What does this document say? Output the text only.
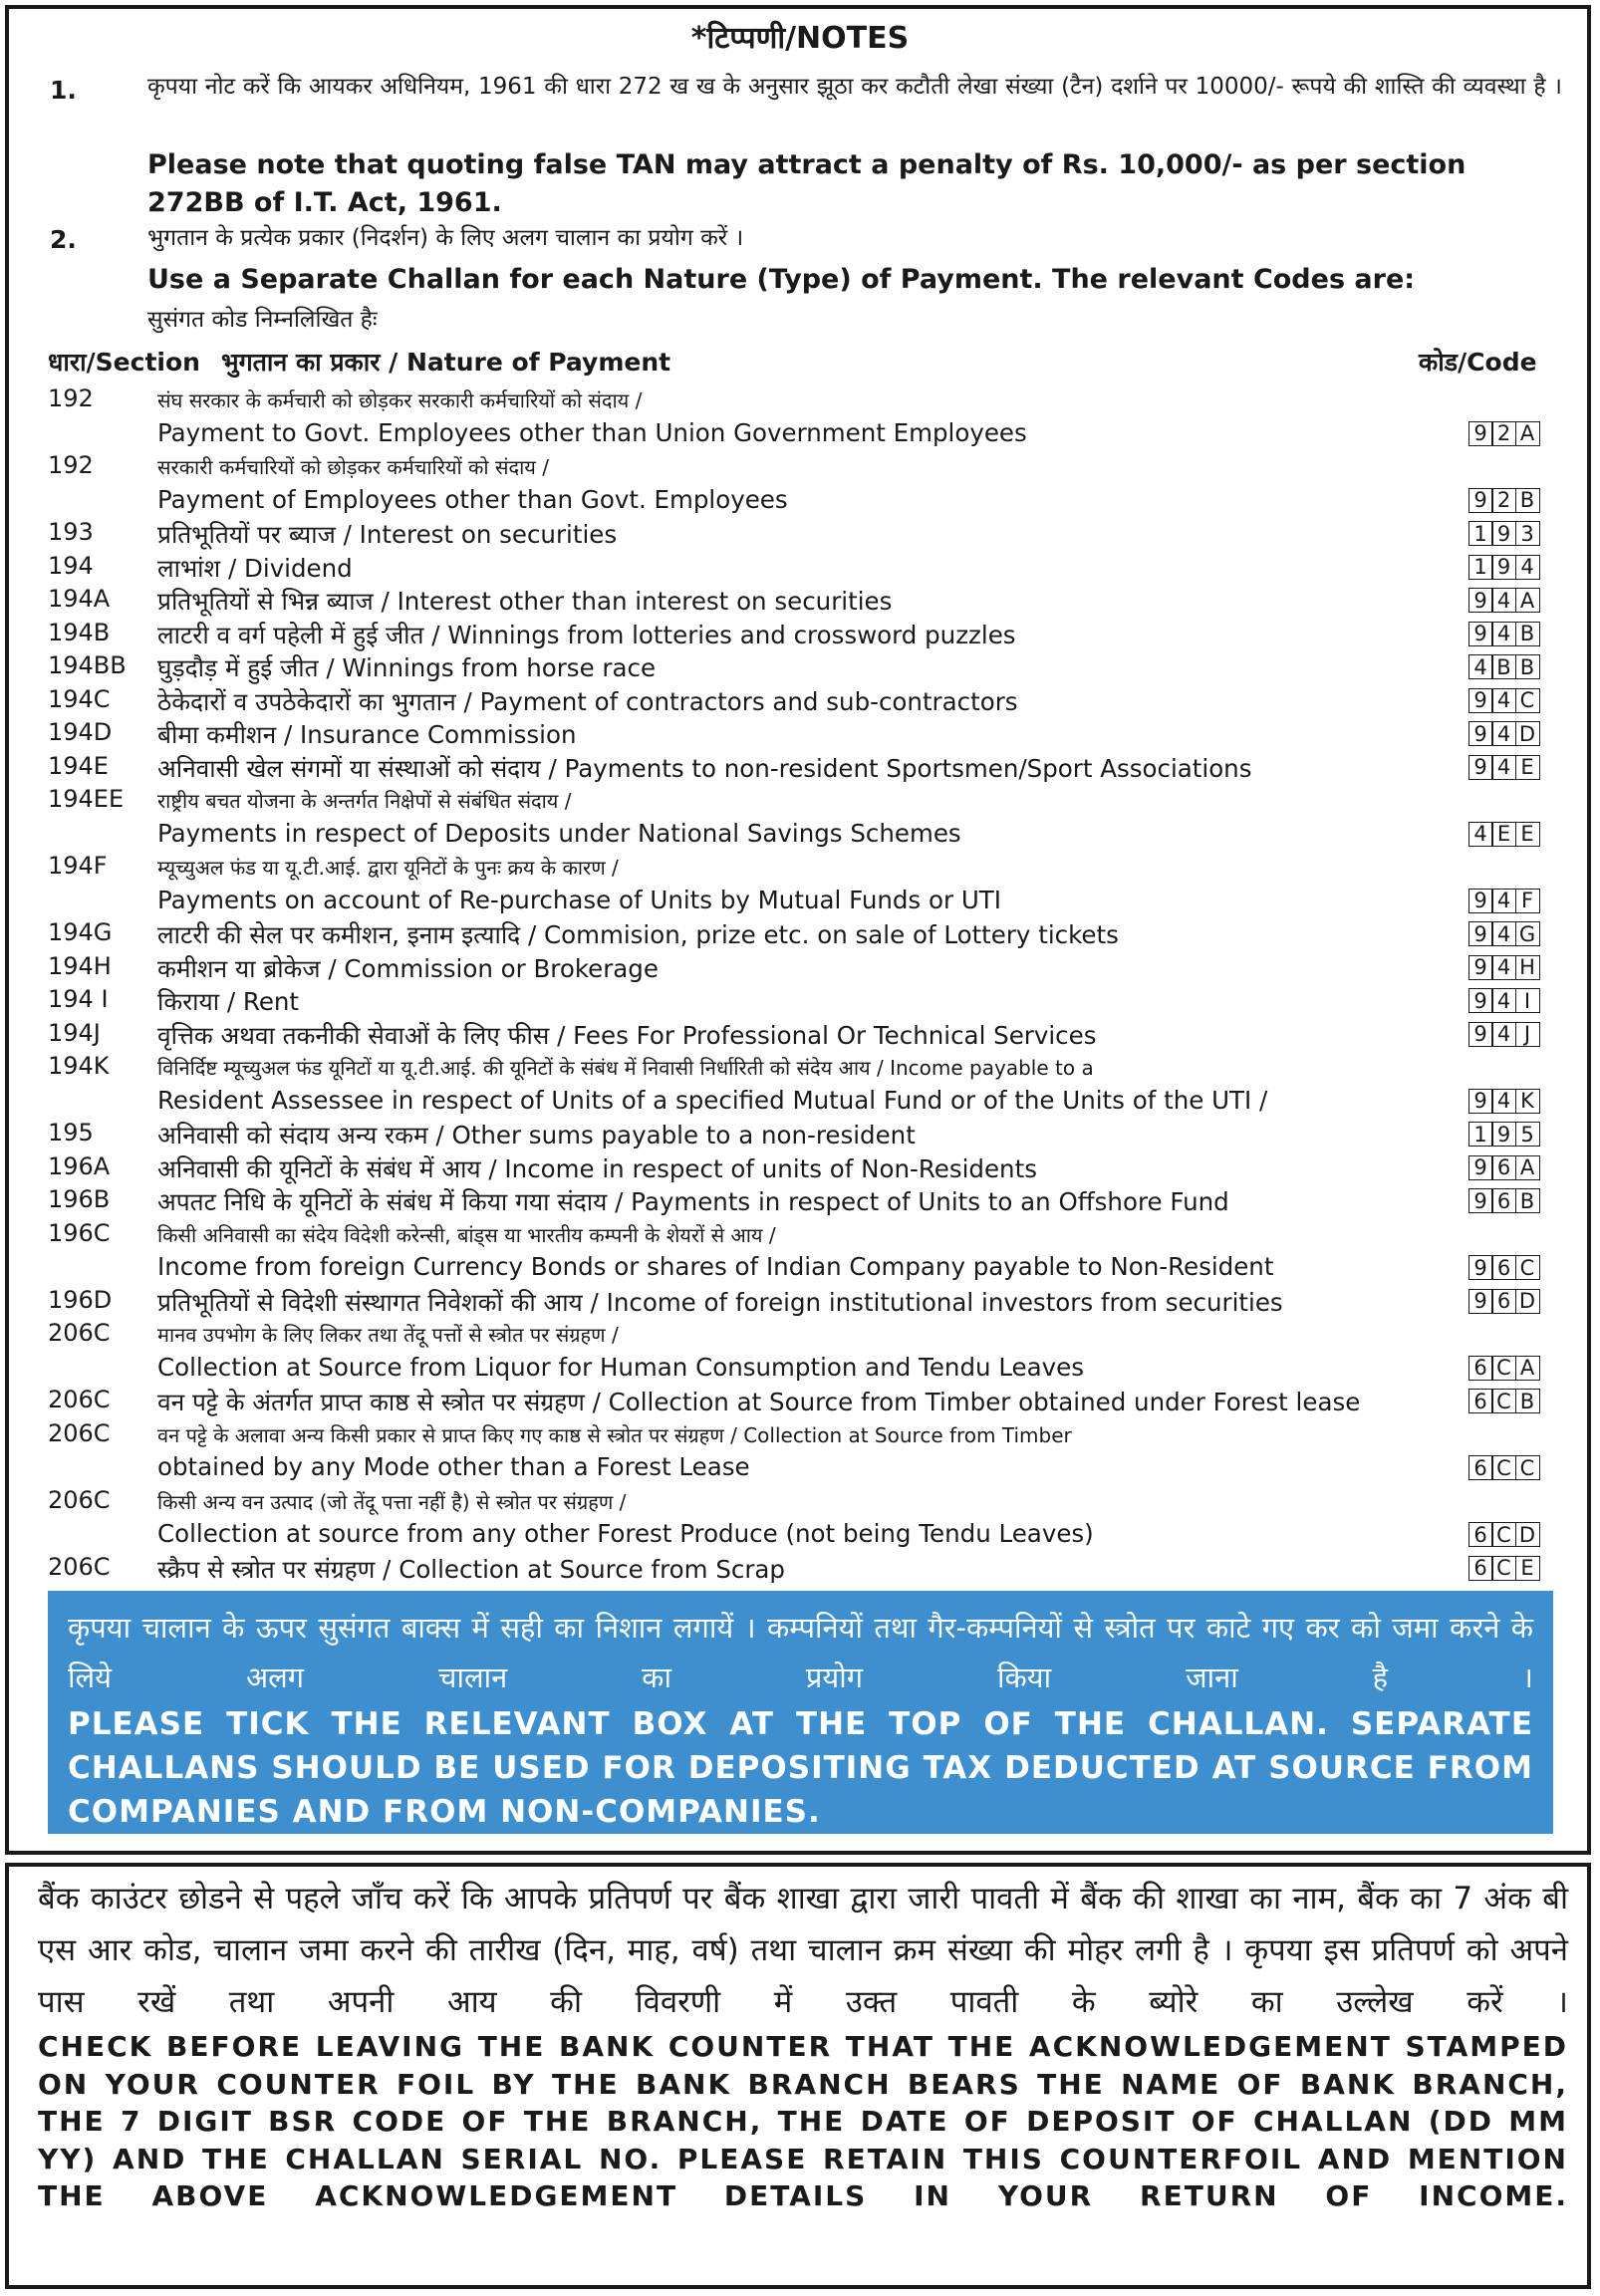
*टिप्पणी/NOTES
1.	कृपया नोट करें कि आयकर अधिनियम, 1961 की धारा 272 ख ख के अनुसार झूठा कर कटौती लेखा संख्या (टैन) दर्शाने पर 10000/- रूपये की शास्ति की व्यवस्था है ।
Please note that quoting false TAN may attract a penalty of Rs. 10,000/- as per section 272BB of I.T. Act, 1961.
2.	भुगतान के प्रत्येक प्रकार (निदर्शन) के लिए अलग चालान का प्रयोग करें ।
Use a Separate Challan for each Nature (Type) of Payment. The relevant Codes are:
सुसंगत कोड निम्नलिखित हैः
धारा/Section भुगतान का प्रकार / Nature of Payment	कोड/Code
192	संघ सरकार के कर्मचारी को छोड़कर सरकारी कर्मचारियों को संदाय /
Payment to Govt. Employees other than Union Government Employees	9 2 A
192	सरकारी कर्मचारियों को छोड़कर कर्मचारियों को संदाय /
Payment of Employees other than Govt. Employees	9 2 B
193	प्रतिभूतियों पर ब्याज / Interest on securities	1 9 3
194	लाभांश / Dividend	1 9 4
194A प्रतिभूतियों से भिन्न ब्याज / Interest other than interest on securities	9 4 A
194B लाटरी व वर्ग पहेली में हुई जीत / Winnings from lotteries and crossword puzzles	9 4 B
194BB घुड़दौड़ में हुई जीत / Winnings from horse race	4 B B
194C ठेकेदारों व उपठेकेदारों का भुगतान / Payment of contractors and sub-contractors	9 4 C
194D बीमा कमीशन / Insurance Commission	9 4 D
194E अनिवासी खेल संगमों या संस्थाओं को संदाय / Payments to non-resident Sportsmen/Sport Associations	9 4 E
194EE राष्ट्रीय बचत योजना के अन्तर्गत निक्षेपों से संबंधित संदाय /
Payments in respect of Deposits under National Savings Schemes	4 E E
194F	म्यूच्युअल फंड या यू.टी.आई. द्वारा यूनिटों के पुनः क्रय के कारण /
Payments on account of Re-purchase of Units by Mutual Funds or UTI	9 4 F
194G लाटरी की सेल पर कमीशन, इनाम इत्यादि / Commision, prize etc. on sale of Lottery tickets	9 4 G
194H कमीशन या ब्रोकेज / Commission or Brokerage	9 4 H
194 I किराया / Rent	9 4 I
194J वृत्तिक अथवा तकनीकी सेवाओं के लिए फीस / Fees For Professional Or Technical Services	9 4 J
194K विनिर्दिष्ट म्यूच्युअल फंड यूनिटों या यू.टी.आई. की यूनिटों के संबंध में निवासी निर्धारिती को संदेय आय / Income payable to a
Resident Assessee in respect of Units of a specified Mutual Fund or of the Units of the UTI /	9 4 K
195	अनिवासी को संदाय अन्य रकम / Other sums payable to a non-resident	1 9 5
196A अनिवासी की यूनिटों के संबंध में आय / Income in respect of units of Non-Residents	9 6 A
196B अपतट निधि के यूनिटों के संबंध में किया गया संदाय / Payments in respect of Units to an Offshore Fund	9 6 B
196C किसी अनिवासी का संदेय विदेशी करेन्सी, बांड्स या भारतीय कम्पनी के शेयरों से आय /
Income from foreign Currency Bonds or shares of Indian Company payable to Non-Resident	9 6 C
196D प्रतिभूतियों से विदेशी संस्थागत निवेशकों की आय / Income of foreign institutional investors from securities	9 6 D
206C मानव उपभोग के लिए लिकर तथा तेंदू पत्तों से स्त्रोत पर संग्रहण /
Collection at Source from Liquor for Human Consumption and Tendu Leaves	6 C A
206C वन पट्टे के अंतर्गत प्राप्त काष्ठ से स्त्रोत पर संग्रहण / Collection at Source from Timber obtained under Forest lease	6 C B
206C वन पट्टे के अलावा अन्य किसी प्रकार से प्राप्त किए गए काष्ठ से स्त्रोत पर संग्रहण / Collection at Source from Timber
obtained by any Mode other than a Forest Lease	6 C C
206C किसी अन्य वन उत्पाद (जो तेंदू पत्ता नहीं है) से स्त्रोत पर संग्रहण /
Collection at source from any other Forest Produce (not being Tendu Leaves)	6 C D
206C स्क्रैप से स्त्रोत पर संग्रहण / Collection at Source from Scrap	6 C E
कृपया चालान के ऊपर सुसंगत बाक्स में सही का निशान लगायें । कम्पनियों तथा गैर-कम्पनियों से स्त्रोत पर काटे गए कर को जमा करने के लिये अलग चालान का प्रयोग किया जाना है ।
PLEASE TICK THE RELEVANT BOX AT THE TOP OF THE CHALLAN. SEPARATE CHALLANS SHOULD BE USED FOR DEPOSITING TAX DEDUCTED AT SOURCE FROM COMPANIES AND FROM NON-COMPANIES.
बैंक काउंटर छोडने से पहले जाँच करें कि आपके प्रतिपर्ण पर बैंक शाखा द्वारा जारी पावती में बैंक की शाखा का नाम, बैंक का 7 अंक बी एस आर कोड, चालान जमा करने की तारीख (दिन, माह, वर्ष) तथा चालान क्रम संख्या की मोहर लगी है । कृपया इस प्रतिपर्ण को अपने पास रखें तथा अपनी आय की विवरणी में उक्त पावती के ब्योरे का उल्लेख करें ।
CHECK BEFORE LEAVING THE BANK COUNTER THAT THE ACKNOWLEDGEMENT STAMPED ON YOUR COUNTER FOIL BY THE BANK BRANCH BEARS THE NAME OF BANK BRANCH, THE 7 DIGIT BSR CODE OF THE BRANCH, THE DATE OF DEPOSIT OF CHALLAN (DD MM YY) AND THE CHALLAN SERIAL NO. PLEASE RETAIN THIS COUNTERFOIL AND MENTION THE ABOVE ACKNOWLEDGEMENT DETAILS IN YOUR RETURN OF INCOME.
